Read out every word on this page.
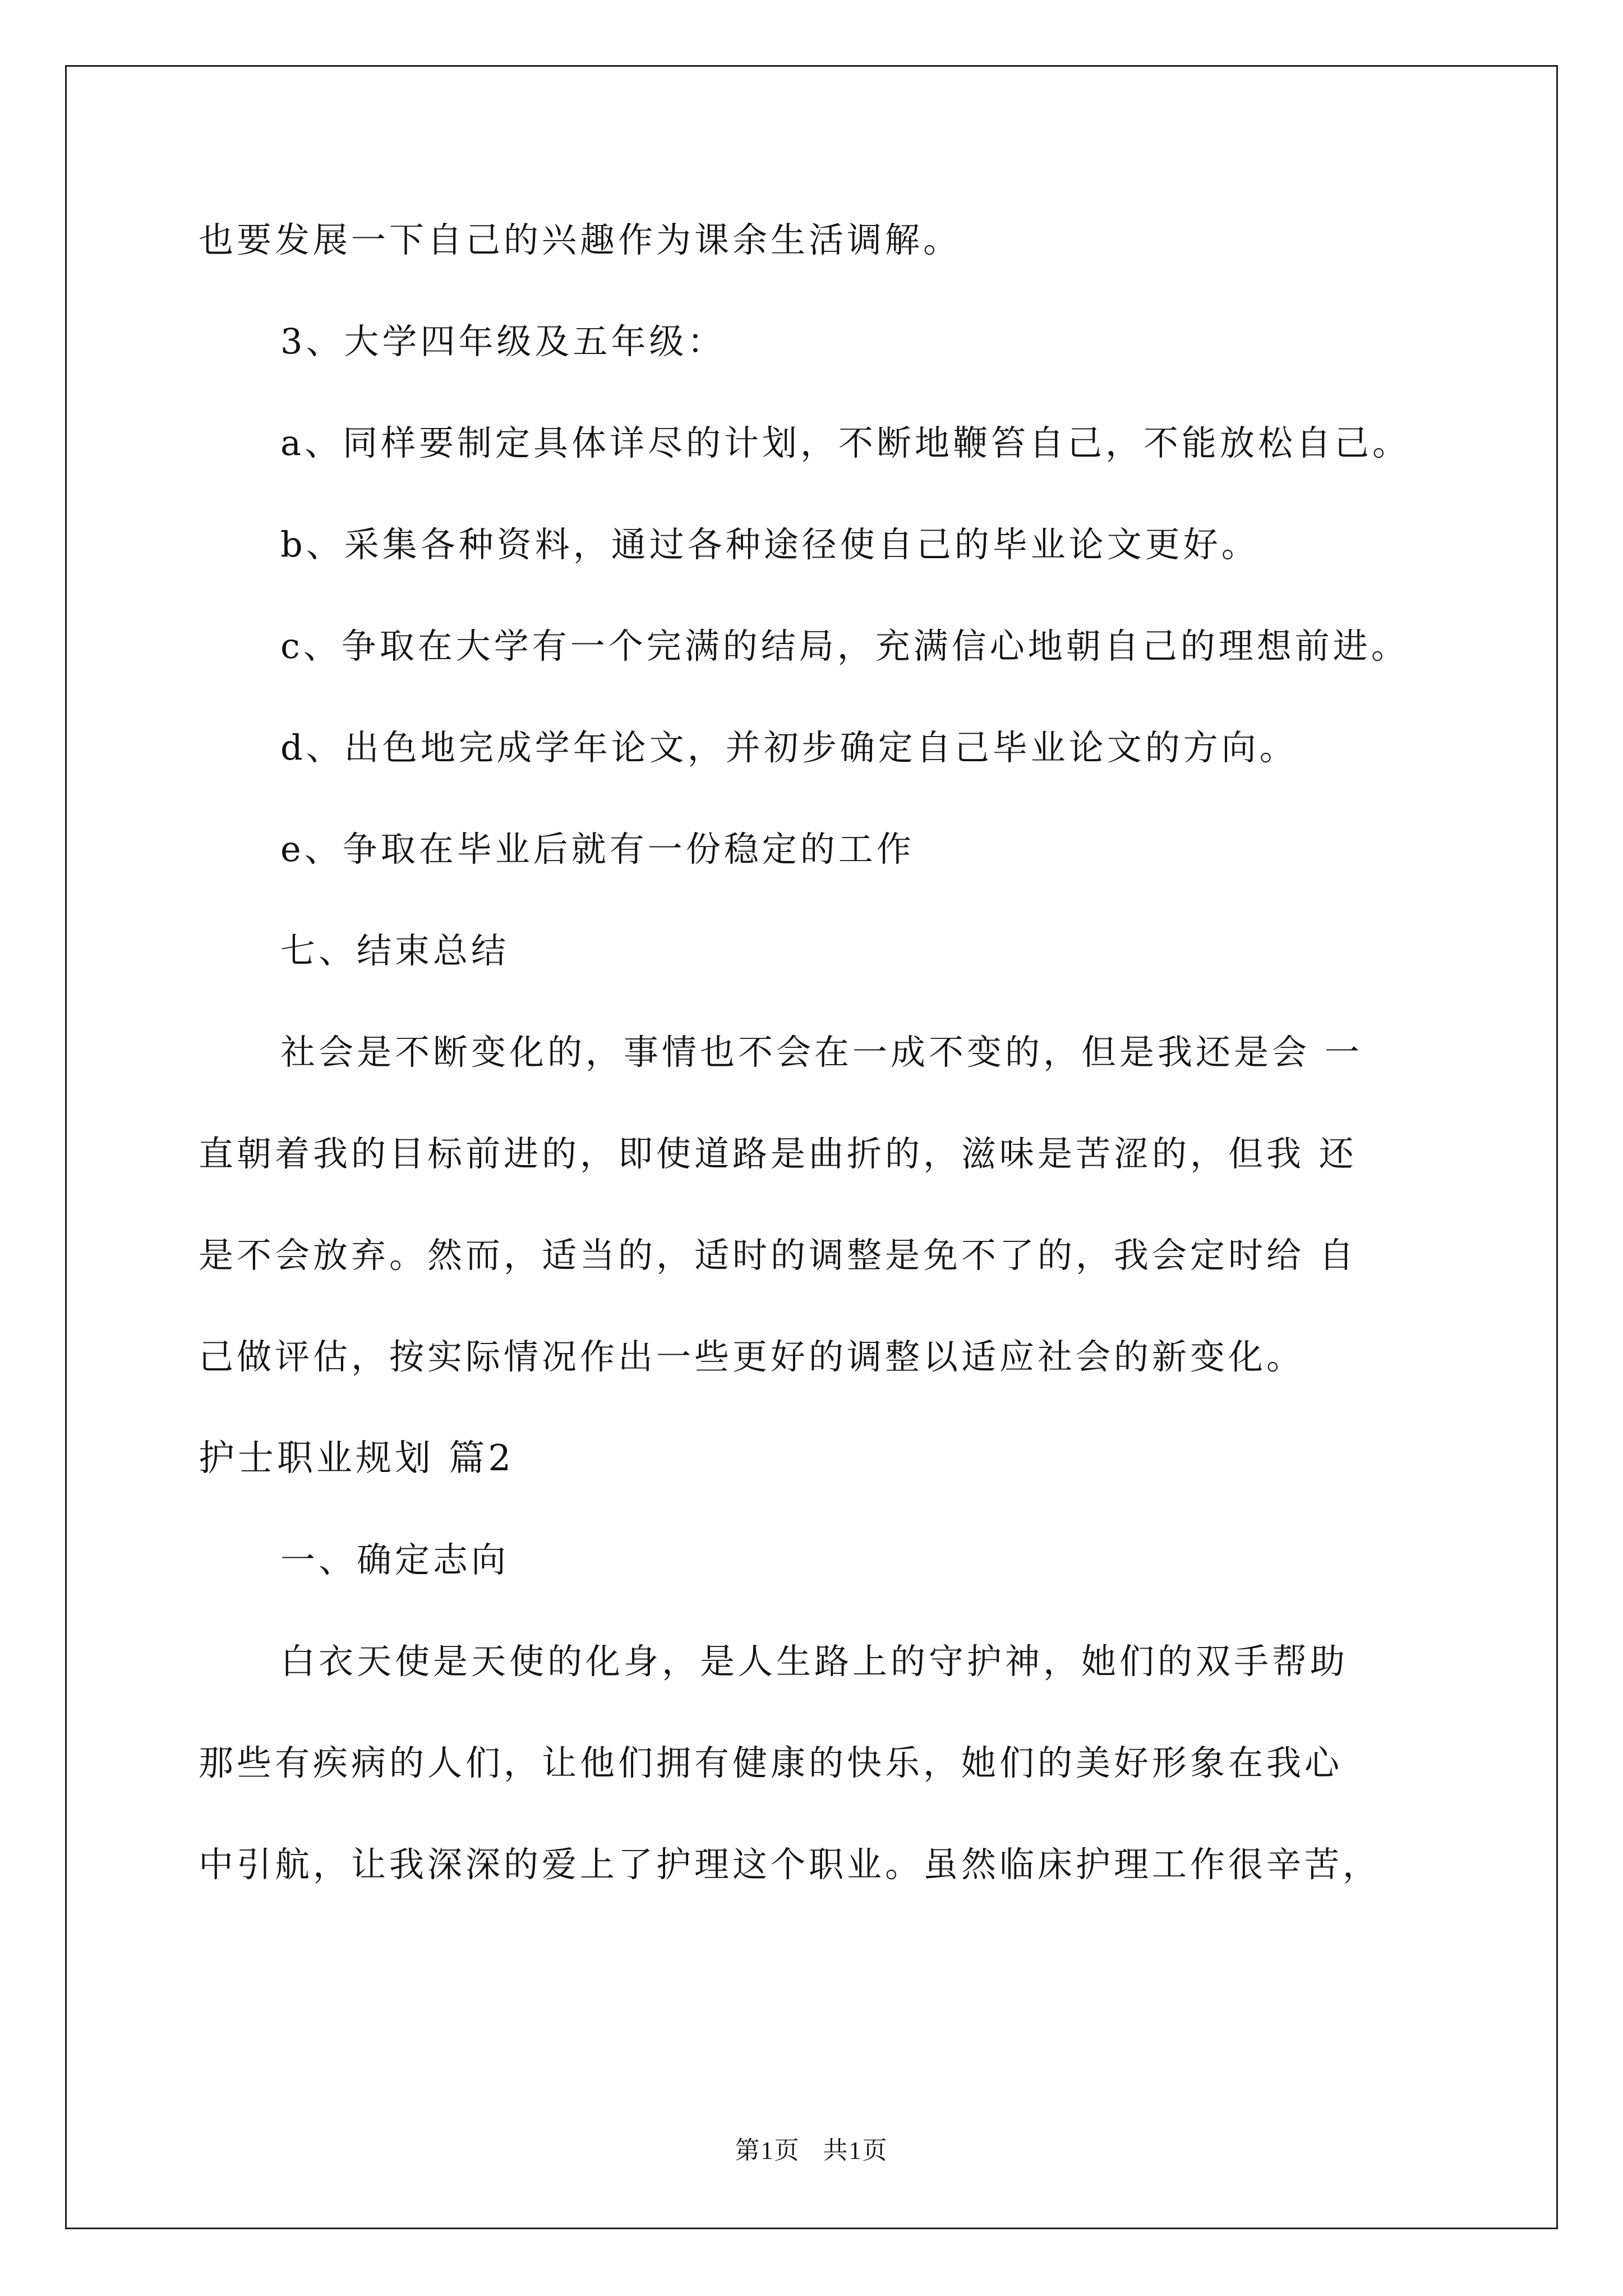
也要发展一下自己的兴趣作为课余生活调解。
3、大学四年级及五年级：
a、同样要制定具体详尽的计划，不断地鞭笞自己，不能放松自己。
b、采集各种资料，通过各种途径使自己的毕业论文更好。
c、争取在大学有一个完满的结局，充满信心地朝自己的理想前进。
d、出色地完成学年论文，并初步确定自己毕业论文的方向。
e、争取在毕业后就有一份稳定的工作
七、结束总结
社会是不断变化的，事情也不会在一成不变的，但是我还是会 一
直朝着我的目标前进的，即使道路是曲折的，滋味是苦涩的，但我 还
是不会放弃。然而，适当的，适时的调整是免不了的，我会定时给 自
己做评估，按实际情况作出一些更好的调整以适应社会的新变化。
护士职业规划 篇2
一、确定志向
白衣天使是天使的化身，是人生路上的守护神，她们的双手帮助
那些有疾病的人们，让他们拥有健康的快乐，她们的美好形象在我心
中引航，让我深深的爱上了护理这个职业。虽然临床护理工作很辛苦，
第1页 共1页
